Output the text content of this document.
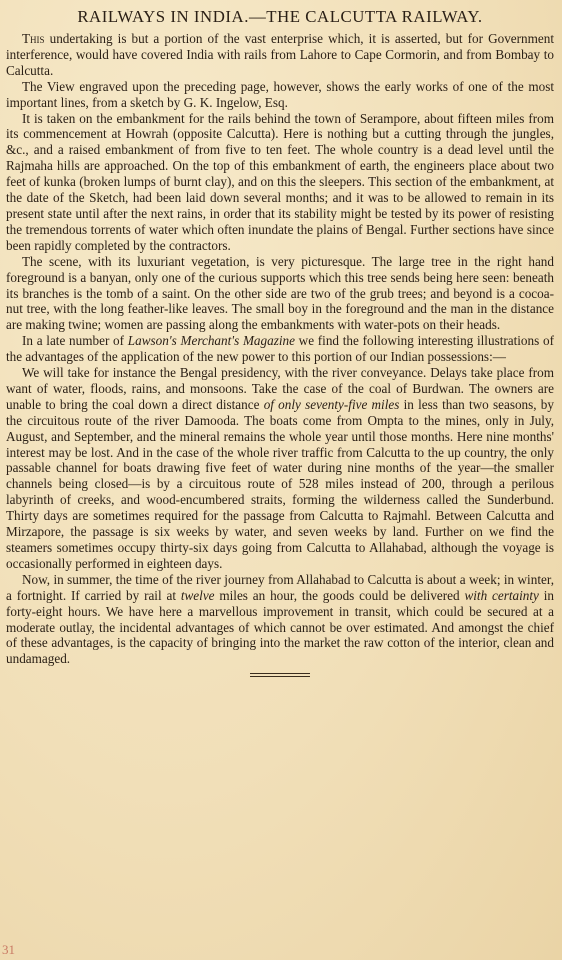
RAILWAYS IN INDIA.—THE CALCUTTA RAILWAY.

This undertaking is but a portion of the vast enterprise which, it is asserted, but for Government interference, would have covered India with rails from Lahore to Cape Cormorin, and from Bombay to Calcutta.

The View engraved upon the preceding page, however, shows the early works of one of the most important lines, from a sketch by G. K. Ingelow, Esq.

It is taken on the embankment for the rails behind the town of Serampore, about fifteen miles from its commencement at Howrah (opposite Calcutta). Here is nothing but a cutting through the jungles, &c., and a raised embankment of from five to ten feet. The whole country is a dead level until the Rajmaha hills are approached. On the top of this embankment of earth, the engineers place about two feet of kunka (broken lumps of burnt clay), and on this the sleepers. This section of the embankment, at the date of the Sketch, had been laid down several months; and it was to be allowed to remain in its present state until after the next rains, in order that its stability might be tested by its power of resisting the tremendous torrents of water which often inundate the plains of Bengal. Further sections have since been rapidly completed by the contractors.

The scene, with its luxuriant vegetation, is very picturesque. The large tree in the right hand foreground is a banyan, only one of the curious supports which this tree sends being here seen: beneath its branches is the tomb of a saint. On the other side are two of the grub trees; and beyond is a cocoa-nut tree, with the long feather-like leaves. The small boy in the foreground and the man in the distance are making twine; women are passing along the embankments with water-pots on their heads.

In a late number of Lawson's Merchant's Magazine we find the following interesting illustrations of the advantages of the application of the new power to this portion of our Indian possessions:—

We will take for instance the Bengal presidency, with the river conveyance. Delays take place from want of water, floods, rains, and monsoons. Take the case of the coal of Burdwan. The owners are unable to bring the coal down a direct distance of only seventy-five miles in less than two seasons, by the circuitous route of the river Damooda. The boats come from Ompta to the mines, only in July, August, and September, and the mineral remains the whole year until those months. Here nine months' interest may be lost. And in the case of the whole river traffic from Calcutta to the up country, the only passable channel for boats drawing five feet of water during nine months of the year—the smaller channels being closed—is by a circuitous route of 528 miles instead of 200, through a perilous labyrinth of creeks, and wood-encumbered straits, forming the wilderness called the Sunderbund. Thirty days are sometimes required for the passage from Calcutta to Rajmahl. Between Calcutta and Mirzapore, the passage is six weeks by water, and seven weeks by land. Further on we find the steamers sometimes occupy thirty-six days going from Calcutta to Allahabad, although the voyage is occasionally performed in eighteen days.

Now, in summer, the time of the river journey from Allahabad to Calcutta is about a week; in winter, a fortnight. If carried by rail at twelve miles an hour, the goods could be delivered with certainty in forty-eight hours. We have here a marvellous improvement in transit, which could be secured at a moderate outlay, the incidental advantages of which cannot be over estimated. And amongst the chief of these advantages, is the capacity of bringing into the market the raw cotton of the interior, clean and undamaged.

31
